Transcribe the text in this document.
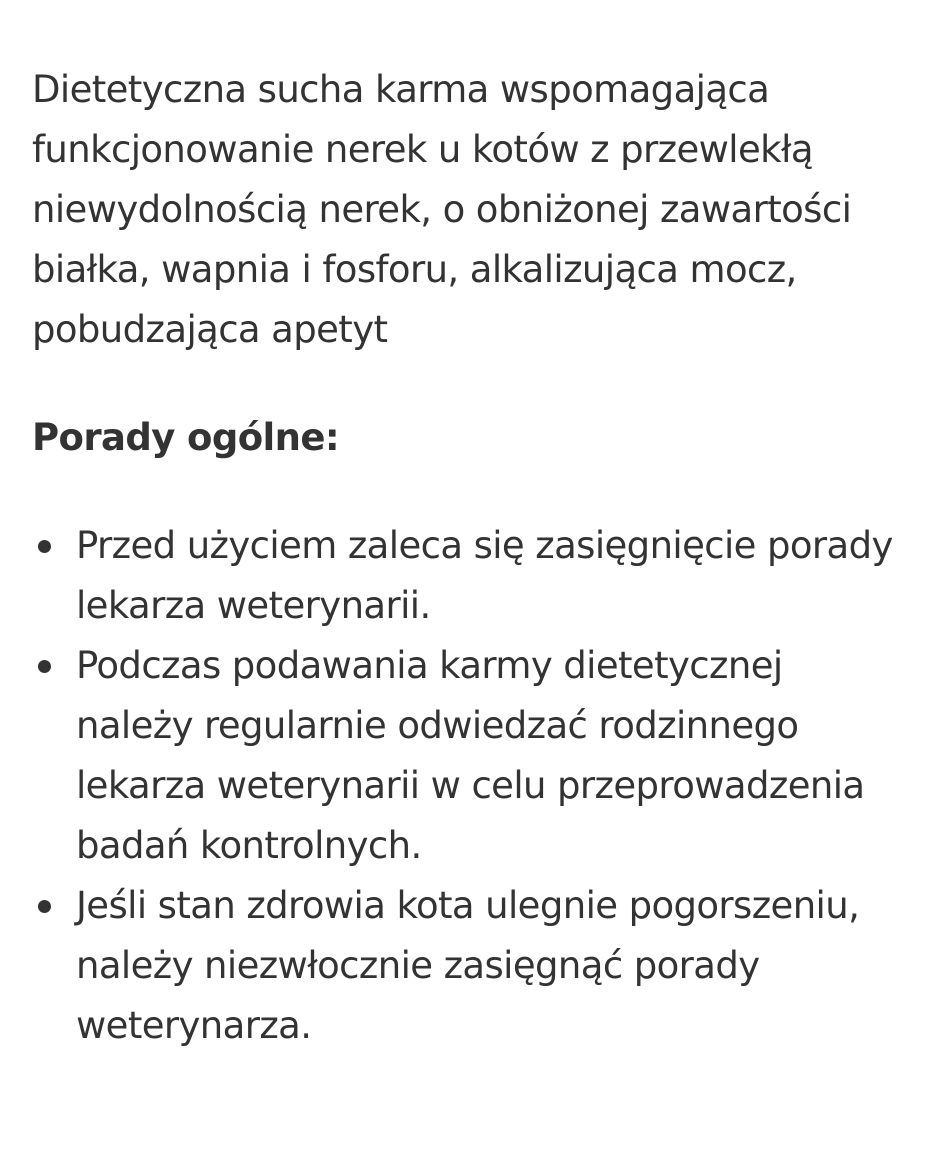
Dietetyczna sucha karma wspomagająca funkcjonowanie nerek u kotów z przewlekłą niewydolnością nerek, o obniżonej zawartości białka, wapnia i fosforu, alkalizująca mocz, pobudzająca apetyt

Porady ogólne:
Przed użyciem zaleca się zasięgnięcie porady lekarza weterynarii.
Podczas podawania karmy dietetycznej należy regularnie odwiedzać rodzinnego lekarza weterynarii w celu przeprowadzenia badań kontrolnych.
Jeśli stan zdrowia kota ulegnie pogorszeniu, należy niezwłocznie zasięgnąć porady weterynarza.
